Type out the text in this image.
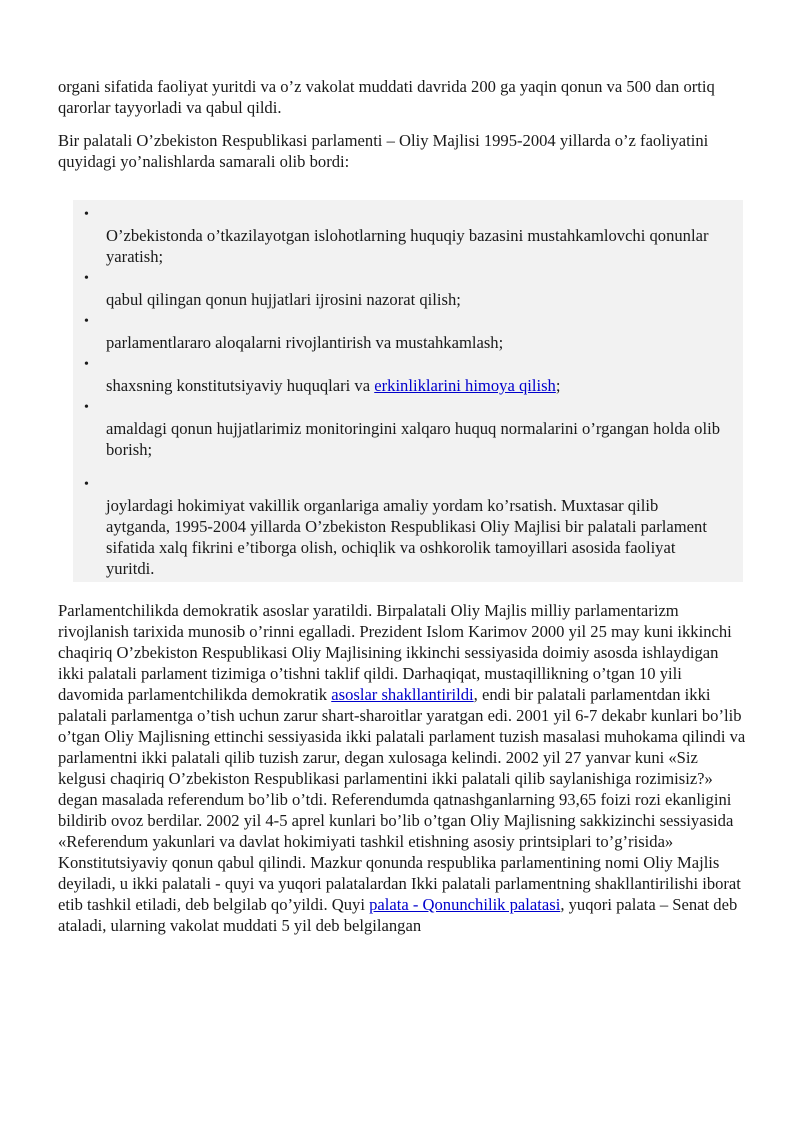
organi sifatida faoliyat yuritdi va o’z vakolat muddati davrida 200 ga yaqin qonun va 500 dan ortiq qarorlar tayyorladi va qabul qildi.

Bir palatali O’zbekiston Respublikasi parlamenti – Oliy Majlisi 1995-2004 yillarda o’z faoliyatini quyidagi yo’nalishlarda samarali olib bordi:

•
O’zbekistonda o’tkazilayotgan islohotlarning huquqiy bazasini mustahkamlovchi qonunlar yaratish;
•
qabul qilingan qonun hujjatlari ijrosini nazorat qilish;
•
parlamentlararo aloqalarni rivojlantirish va mustahkamlash;
•
shaxsning konstitutsiyaviy huquqlari va erkinliklarini himoya qilish;
•
amaldagi qonun hujjatlarimiz monitoringini xalqaro huquq normalarini o’rgangan holda olib borish;
•
joylardagi hokimiyat vakillik organlariga amaliy yordam ko’rsatish. Muxtasar qilib aytganda, 1995-2004 yillarda O’zbekiston Respublikasi Oliy Majlisi bir palatali parlament sifatida xalq fikrini e’tiborga olish, ochiqlik va oshkorolik tamoyillari asosida faoliyat yuritdi.

Parlamentchilikda demokratik asoslar yaratildi. Birpalatali Oliy Majlis milliy parlamentarizm rivojlanish tarixida munosib o’rinni egalladi. Prezident Islom Karimov 2000 yil 25 may kuni ikkinchi chaqiriq O’zbekiston Respublikasi Oliy Majlisining ikkinchi sessiyasida doimiy asosda ishlaydigan ikki palatali parlament tizimiga o’tishni taklif qildi. Darhaqiqat, mustaqillikning o’tgan 10 yili davomida parlamentchilikda demokratik asoslar shakllantirildi, endi bir palatali parlamentdan ikki palatali parlamentga o’tish uchun zarur shart-sharoitlar yaratgan edi. 2001 yil 6-7 dekabr kunlari bo’lib o’tgan Oliy Majlisning ettinchi sessiyasida ikki palatali parlament tuzish masalasi muhokama qilindi va parlamentni ikki palatali qilib tuzish zarur, degan xulosaga kelindi. 2002 yil 27 yanvar kuni «Siz kelgusi chaqiriq O’zbekiston Respublikasi parlamentini ikki palatali qilib saylanishiga rozimisiz?» degan masalada referendum bo’lib o’tdi. Referendumda qatnashganlarning 93,65 foizi rozi ekanligini bildirib ovoz berdilar. 2002 yil 4-5 aprel kunlari bo’lib o’tgan Oliy Majlisning sakkizinchi sessiyasida «Referendum yakunlari va davlat hokimiyati tashkil etishning asosiy printsiplari to’g’risida» Konstitutsiyaviy qonun qabul qilindi. Mazkur qonunda respublika parlamentining nomi Oliy Majlis deyiladi, u ikki palatali - quyi va yuqori palatalardan Ikki palatali parlamentning shakllantirilishi iborat etib tashkil etiladi, deb belgilab qo’yildi. Quyi palata - Qonunchilik palatasi, yuqori palata – Senat deb ataladi, ularning vakolat muddati 5 yil deb belgilangan
